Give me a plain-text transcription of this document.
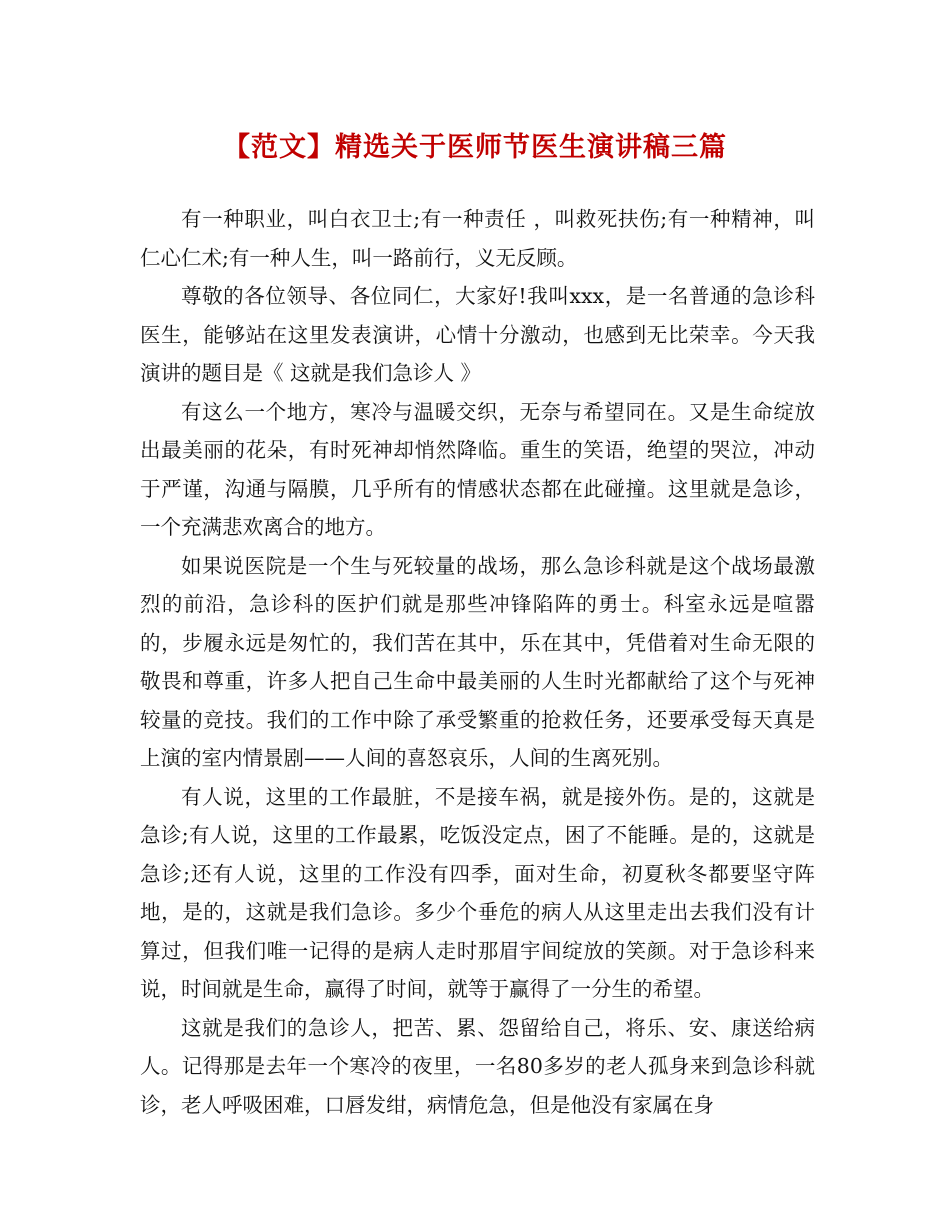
【范文】精选关于医师节医生演讲稿三篇

有一种职业，叫白衣卫士;有一种责任 ，叫救死扶伤;有一种精神，叫仁心仁术;有一种人生，叫一路前行，义无反顾。

尊敬的各位领导、各位同仁，大家好!我叫xxx，是一名普通的急诊科医生，能够站在这里发表演讲，心情十分激动，也感到无比荣幸。今天我演讲的题目是《 这就是我们急诊人 》

有这么一个地方，寒冷与温暖交织，无奈与希望同在。又是生命绽放出最美丽的花朵，有时死神却悄然降临。重生的笑语，绝望的哭泣，冲动于严谨，沟通与隔膜，几乎所有的情感状态都在此碰撞。这里就是急诊，一个充满悲欢离合的地方。

如果说医院是一个生与死较量的战场，那么急诊科就是这个战场最激烈的前沿，急诊科的医护们就是那些冲锋陷阵的勇士。科室永远是喧嚣的，步履永远是匆忙的，我们苦在其中，乐在其中，凭借着对生命无限的敬畏和尊重，许多人把自己生命中最美丽的人生时光都献给了这个与死神较量的竞技。我们的工作中除了承受繁重的抢救任务，还要承受每天真是上演的室内情景剧——人间的喜怒哀乐，人间的生离死别。

有人说，这里的工作最脏，不是接车祸，就是接外伤。是的，这就是急诊;有人说，这里的工作最累，吃饭没定点，困了不能睡。是的，这就是急诊;还有人说，这里的工作没有四季，面对生命，初夏秋冬都要坚守阵地，是的，这就是我们急诊。多少个垂危的病人从这里走出去我们没有计算过，但我们唯一记得的是病人走时那眉宇间绽放的笑颜。对于急诊科来说，时间就是生命，赢得了时间，就等于赢得了一分生的希望。

这就是我们的急诊人，把苦、累、怨留给自己，将乐、安、康送给病人。记得那是去年一个寒冷的夜里，一名80多岁的老人孤身来到急诊科就诊，老人呼吸困难，口唇发绀，病情危急，但是他没有家属在身
